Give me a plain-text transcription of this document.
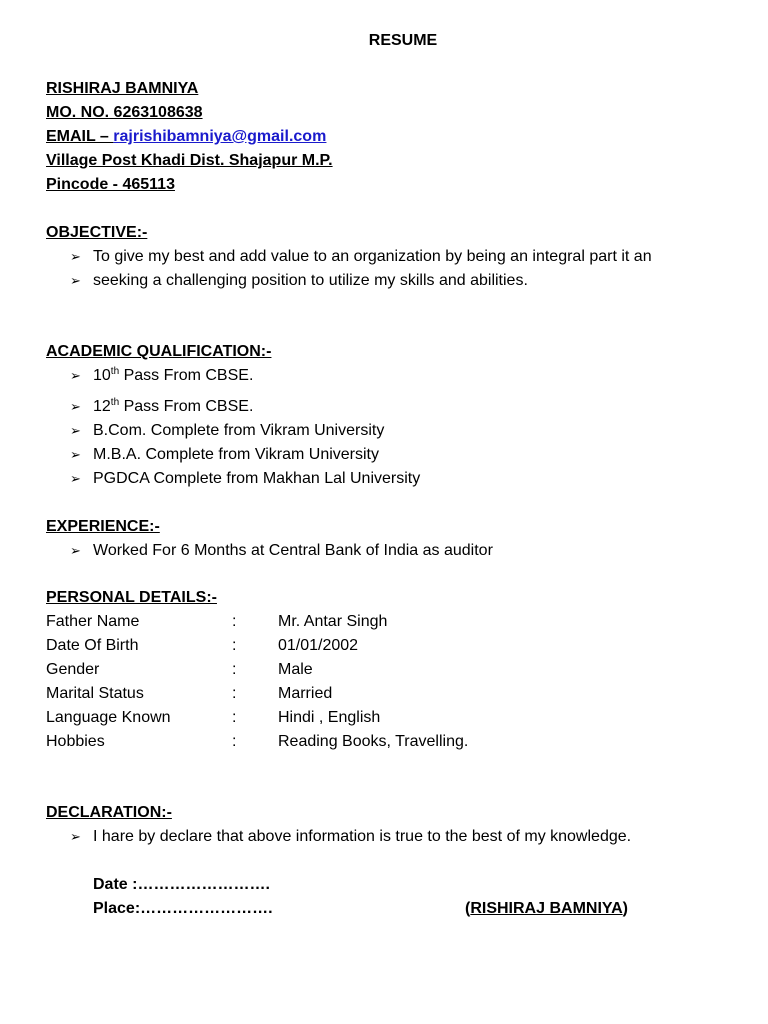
RESUME
RISHIRAJ BAMNIYA
MO. NO. 6263108638
EMAIL – rajrishibamniya@gmail.com
Village Post Khadi Dist. Shajapur M.P.
Pincode - 465113
OBJECTIVE:-
➢ To give my best and add value to an organization by being an integral part it an
➢ seeking a challenging position to utilize my skills and abilities.
ACADEMIC QUALIFICATION:-
➢ 10th Pass From CBSE.
➢ 12th Pass From CBSE.
➢ B.Com. Complete from Vikram University
➢ M.B.A. Complete from Vikram University
➢ PGDCA Complete from Makhan Lal University
EXPERIENCE:-
➢ Worked For 6 Months at Central Bank of India as auditor
PERSONAL DETAILS:-
Father Name	:	Mr. Antar Singh
Date Of Birth	:	01/01/2002
Gender	:	Male
Marital Status	:	Married
Language Known	:	Hindi , English
Hobbies	:	Reading Books, Travelling.
DECLARATION:-
➢ I hare by declare that above information is true to the best of my knowledge.
Date :…………………….
Place:…………………….	(RISHIRAJ BAMNIYA)
